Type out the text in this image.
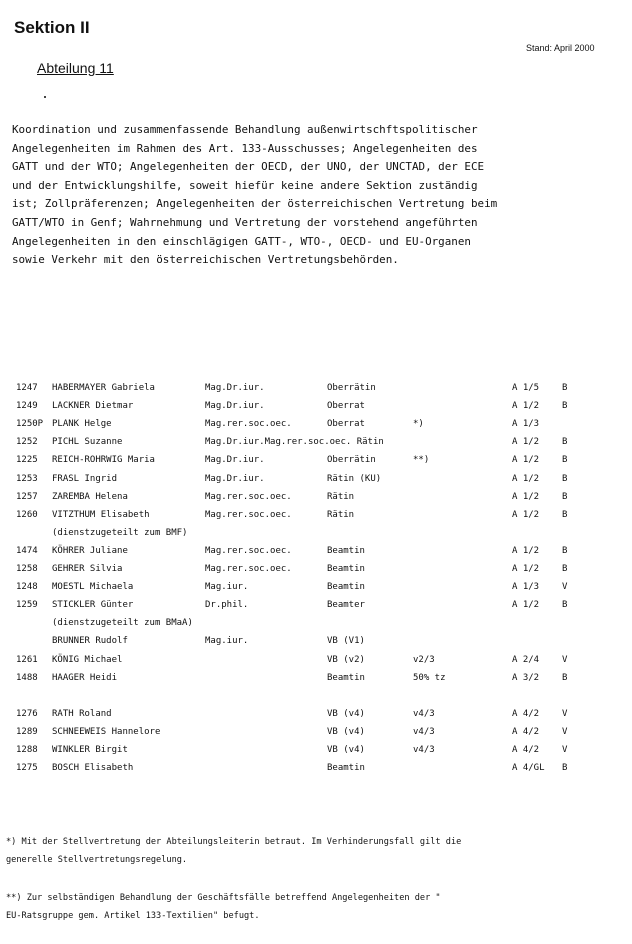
Sektion II
Stand: April 2000
Abteilung 11
Koordination und zusammenfassende Behandlung außenwirtschftspolitischer
Angelegenheiten im Rahmen des Art. 133-Ausschusses; Angelegenheiten des
GATT und der WTO; Angelegenheiten der OECD, der UNO, der UNCTAD, der ECE
und der Entwicklungshilfe, soweit hiefür keine andere Sektion zuständig
ist; Zollpräferenzen; Angelegenheiten der österreichischen Vertretung beim
GATT/WTO in Genf; Wahrnehmung und Vertretung der vorstehend angeführten
Angelegenheiten in den einschlägigen GATT-, WTO-, OECD- und EU-Organen
sowie Verkehr mit den österreichischen Vertretungsbehörden.
1247 HABERMAYER Gabriela	Mag.Dr.iur.	Oberrätin	A 1/5	B
1249 LACKNER Dietmar	Mag.Dr.iur.	Oberrat	A 1/2	B
1250P PLANK Helge	Mag.rer.soc.oec.	Oberrat	*)	A 1/3
1252 PICHL Suzanne	Mag.Dr.iur.Mag.rer.soc.oec. Rätin	A 1/2	B
1225 REICH-ROHRWIG Maria	Mag.Dr.iur.	Oberrätin	**)	A 1/2	B
1253 FRASL Ingrid	Mag.Dr.iur.	Rätin (KU)	A 1/2	B
1257 ZAREMBA Helena	Mag.rer.soc.oec.	Rätin	A 1/2	B
1260 VITZTHUM Elisabeth	Mag.rer.soc.oec.	Rätin	A 1/2	B
(dienstzugeteilt zum BMF)
1474 KÖHRER Juliane	Mag.rer.soc.oec.	Beamtin	A 1/2	B
1258 GEHRER Silvia	Mag.rer.soc.oec.	Beamtin	A 1/2	B
1248 MOESTL Michaela	Mag.iur.	Beamtin	A 1/3	V
1259 STICKLER Günter	Dr.phil.	Beamter	A 1/2	B
(dienstzugeteilt zum BMaA)
BRUNNER Rudolf	Mag.iur.	VB (V1)
1261 KÖNIG Michael	VB (v2)	v2/3	A 2/4	V
1488 HAAGER Heidi	Beamtin	50% tz	A 3/2	B
1276 RATH Roland	VB (v4)	v4/3	A 4/2	V
1289 SCHNEEWEIS Hannelore	VB (v4)	v4/3	A 4/2	V
1288 WINKLER Birgit	VB (v4)	v4/3	A 4/2	V
1275 BOSCH Elisabeth	Beamtin	A 4/GL B
*) Mit der Stellvertretung der Abteilungsleiterin betraut. Im Verhinderungsfall gilt die
generelle Stellvertretungsregelung.
**) Zur selbständigen Behandlung der Geschäftsfälle betreffend Angelegenheiten der "
EU-Ratsgruppe gem. Artikel 133-Textilien" befugt.
